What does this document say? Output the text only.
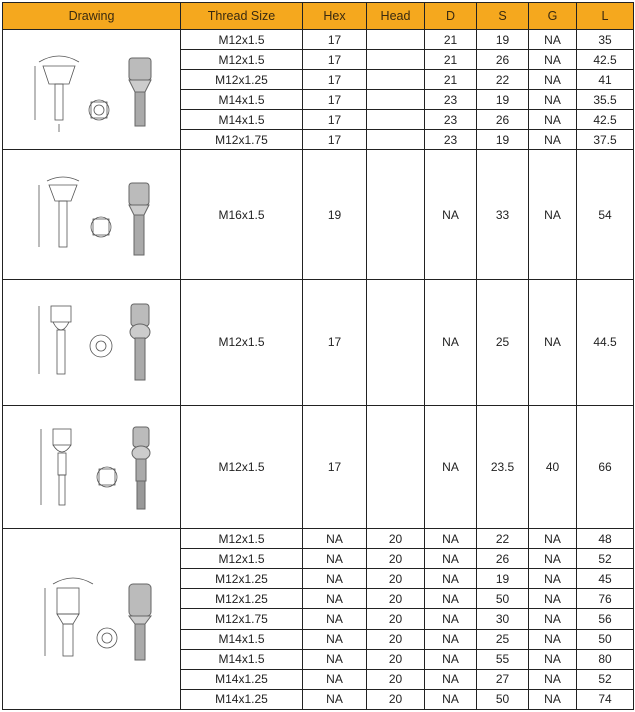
Drawing	Thread Size	Hex	Head	D	S	G	L

	M12x1.5	17		21	19	NA	35
	M12x1.5	17		21	26	NA	42.5
	M12x1.25	17		21	22	NA	41
	M14x1.5	17		23	19	NA	35.5
	M14x1.5	17		23	26	NA	42.5
	M12x1.75	17		23	19	NA	37.5

	M16x1.5	19		NA	33	NA	54

	M12x1.5	17		NA	25	NA	44.5

	M12x1.5	17		NA	23.5	40	66

	M12x1.5	NA	20	NA	22	NA	48
	M12x1.5	NA	20	NA	26	NA	52
	M12x1.25	NA	20	NA	19	NA	45
	M12x1.25	NA	20	NA	50	NA	76
	M12x1.75	NA	20	NA	30	NA	56
	M14x1.5	NA	20	NA	25	NA	50
	M14x1.5	NA	20	NA	55	NA	80
	M14x1.25	NA	20	NA	27	NA	52
	M14x1.25	NA	20	NA	50	NA	74
